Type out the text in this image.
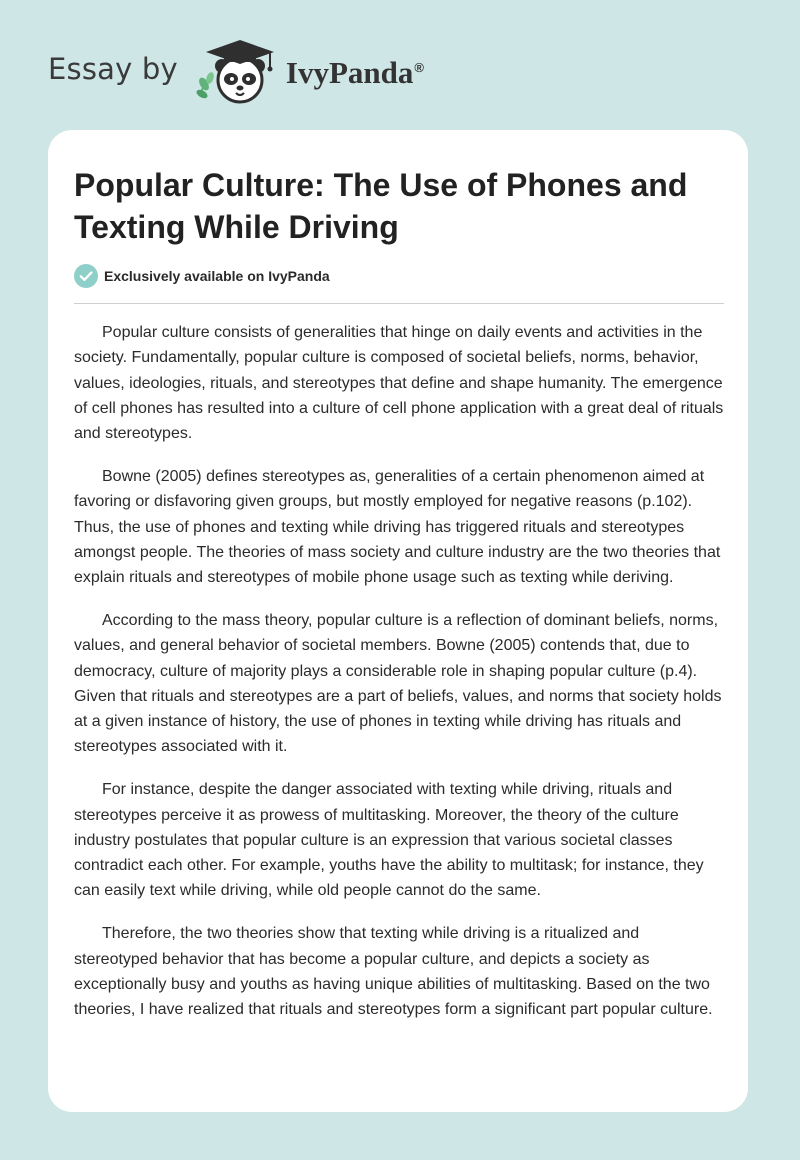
Essay by	IvyPanda®
Popular Culture: The Use of Phones and Texting While Driving
Exclusively available on IvyPanda

Popular culture consists of generalities that hinge on daily events and activities in the society. Fundamentally, popular culture is composed of societal beliefs, norms, behavior, values, ideologies, rituals, and stereotypes that define and shape humanity. The emergence of cell phones has resulted into a culture of cell phone application with a great deal of rituals and stereotypes.

Bowne (2005) defines stereotypes as, generalities of a certain phenomenon aimed at favoring or disfavoring given groups, but mostly employed for negative reasons (p.102). Thus, the use of phones and texting while driving has triggered rituals and stereotypes amongst people. The theories of mass society and culture industry are the two theories that explain rituals and stereotypes of mobile phone usage such as texting while deriving.

According to the mass theory, popular culture is a reflection of dominant beliefs, norms, values, and general behavior of societal members. Bowne (2005) contends that, due to democracy, culture of majority plays a considerable role in shaping popular culture (p.4). Given that rituals and stereotypes are a part of beliefs, values, and norms that society holds at a given instance of history, the use of phones in texting while driving has rituals and stereotypes associated with it.

For instance, despite the danger associated with texting while driving, rituals and stereotypes perceive it as prowess of multitasking. Moreover, the theory of the culture industry postulates that popular culture is an expression that various societal classes contradict each other. For example, youths have the ability to multitask; for instance, they can easily text while driving, while old people cannot do the same.

Therefore, the two theories show that texting while driving is a ritualized and stereotyped behavior that has become a popular culture, and depicts a society as exceptionally busy and youths as having unique abilities of multitasking. Based on the two theories, I have realized that rituals and stereotypes form a significant part popular culture.
